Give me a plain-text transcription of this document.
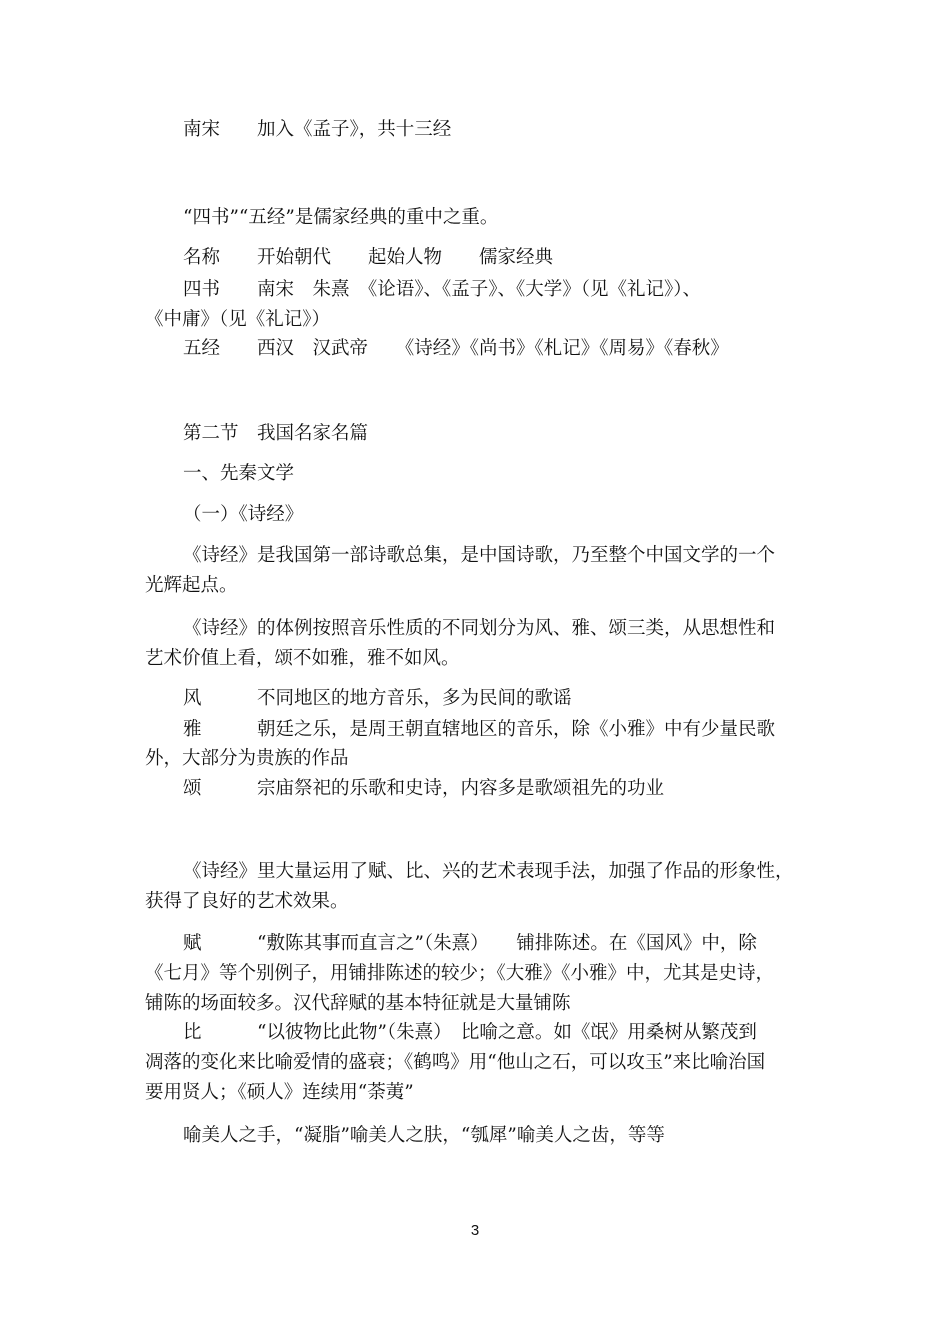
南宋　　加入《孟子》，共十三经
“四书”“五经”是儒家经典的重中之重。
名称　　开始朝代　　起始人物　　儒家经典
四书　　南宋　朱熹　《论语》、《孟子》、《大学》（见《礼记》）、
《中庸》（见《礼记》）
五经　　西汉　汉武帝　　《诗经》《尚书》《札记》《周易》《春秋》
第二节　我国名家名篇
一、先秦文学
（一）《诗经》
《诗经》是我国第一部诗歌总集，是中国诗歌，乃至整个中国文学的一个
光辉起点。
《诗经》的体例按照音乐性质的不同划分为风、雅、颂三类，从思想性和
艺术价值上看，颂不如雅，雅不如风。
风　　　不同地区的地方音乐，多为民间的歌谣
雅　　　朝廷之乐，是周王朝直辖地区的音乐，除《小雅》中有少量民歌
外，大部分为贵族的作品
颂　　　宗庙祭祀的乐歌和史诗，内容多是歌颂祖先的功业
《诗经》里大量运用了赋、比、兴的艺术表现手法，加强了作品的形象性，
获得了良好的艺术效果。
赋　　　“敷陈其事而直言之”（朱熹）　　铺排陈述。在《国风》中，除
《七月》等个别例子，用铺排陈述的较少；《大雅》《小雅》中，尤其是史诗，
铺陈的场面较多。汉代辞赋的基本特征就是大量铺陈
比　　　“以彼物比此物”（朱熹）　比喻之意。如《氓》用桑树从繁茂到
凋落的变化来比喻爱情的盛衰；《鹤鸣》用“他山之石，可以攻玉”来比喻治国
要用贤人；《硕人》连续用“荼荑”
喻美人之手，“凝脂”喻美人之肤，“瓠犀”喻美人之齿，等等
3
